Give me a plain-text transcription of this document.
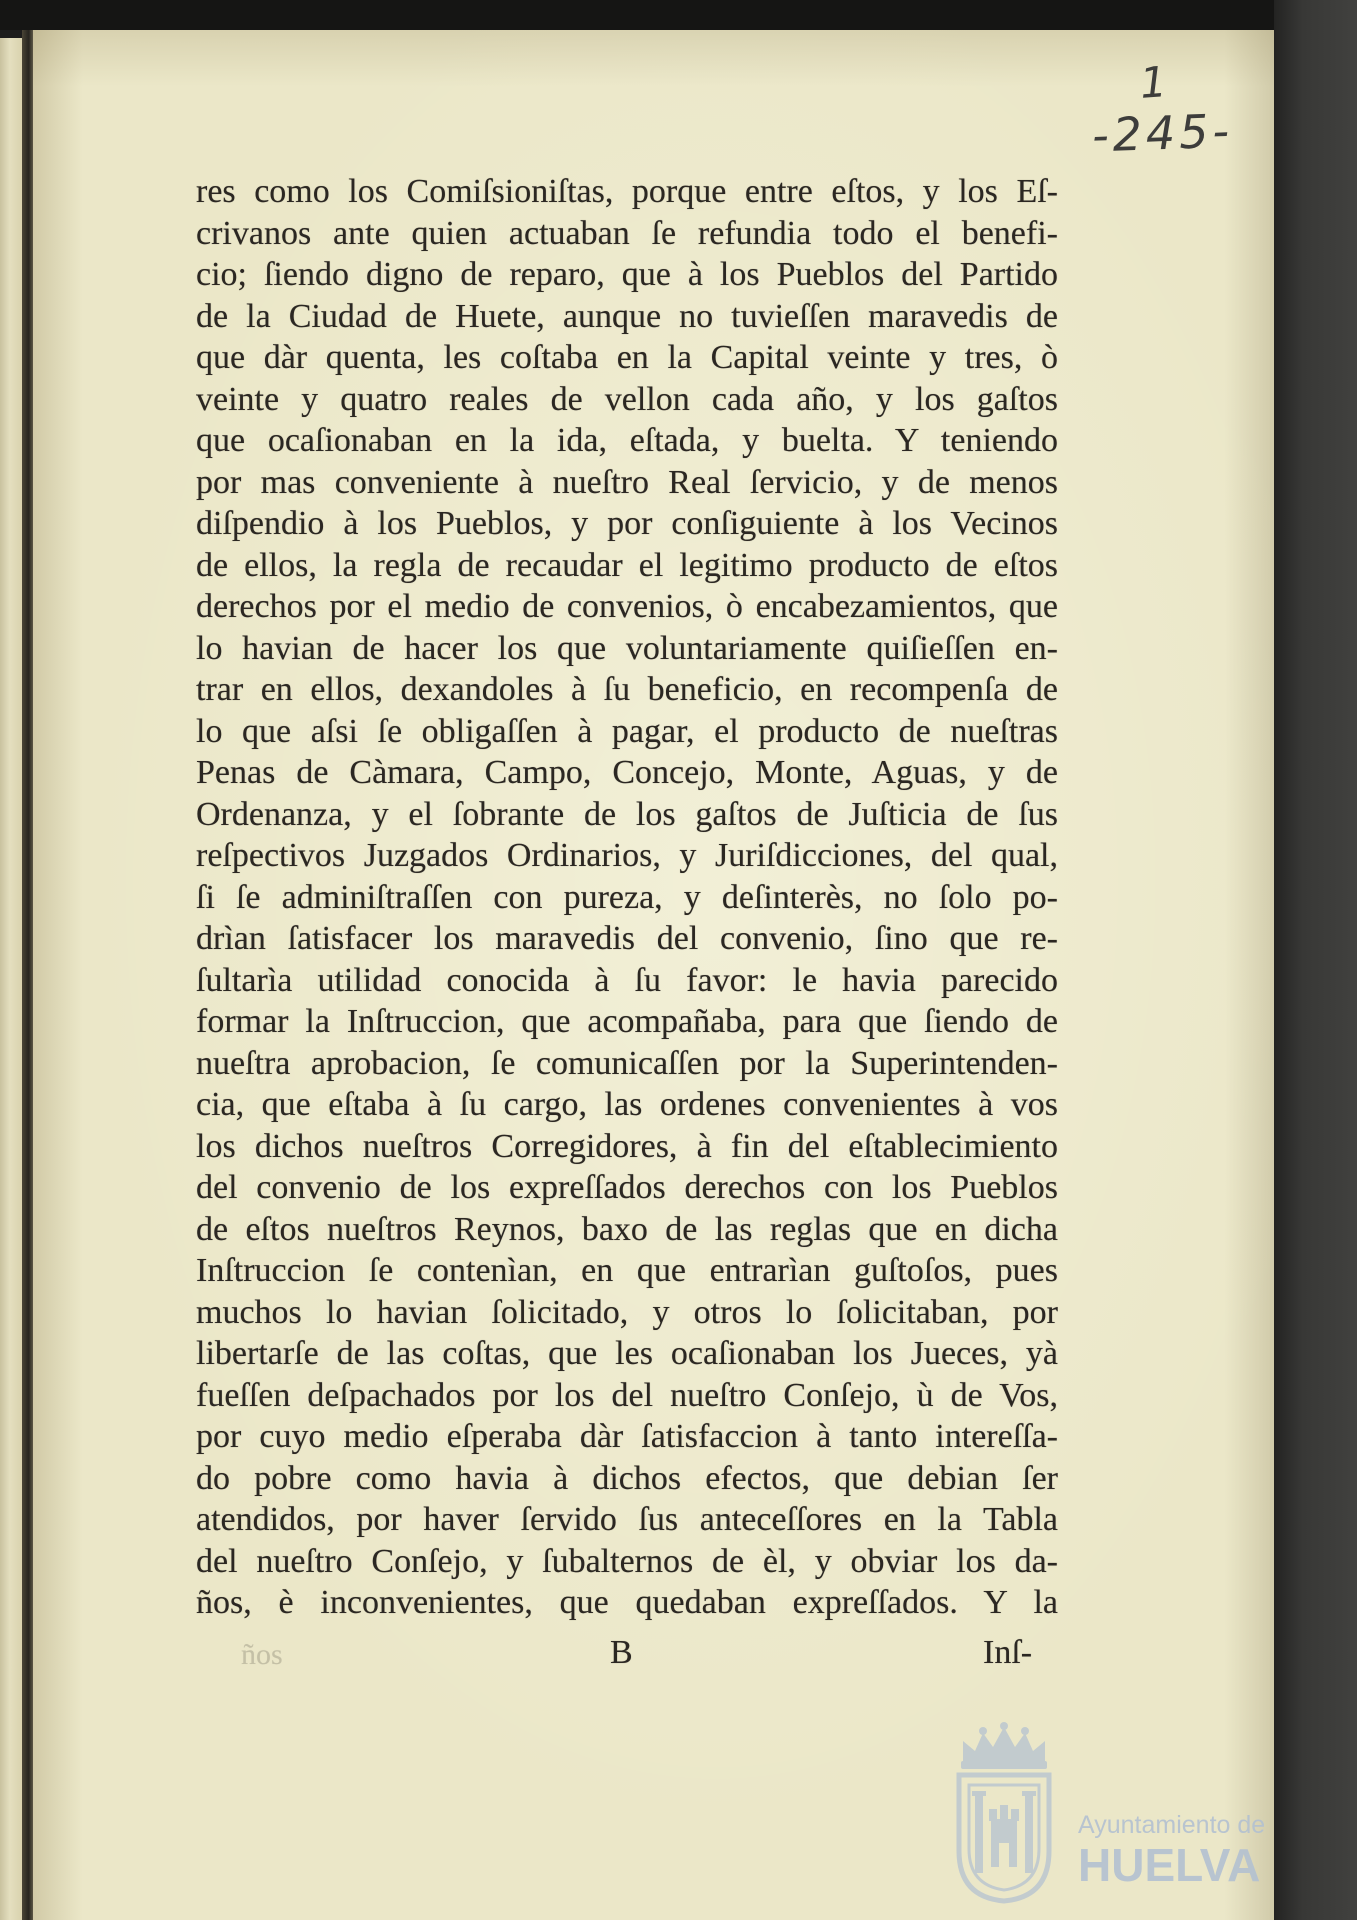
1
-245-
res como los Comiſsioniſtas, porque entre eſtos, y los Eſ-
crivanos ante quien actuaban ſe refundia todo el benefi-
cio; ſiendo digno de reparo, que à los Pueblos del Partido
de la Ciudad de Huete, aunque no tuvieſſen maravedis de
que dàr quenta, les coſtaba en la Capital veinte y tres, ò
veinte y quatro reales de vellon cada año, y los gaſtos
que ocaſionaban en la ida, eſtada, y buelta. Y teniendo
por mas conveniente à nueſtro Real ſervicio, y de menos
diſpendio à los Pueblos, y por conſiguiente à los Vecinos
de ellos, la regla de recaudar el legitimo producto de eſtos
derechos por el medio de convenios, ò encabezamientos, que
lo havian de hacer los que voluntariamente quiſieſſen en-
trar en ellos, dexandoles à ſu beneficio, en recompenſa de
lo que aſsi ſe obligaſſen à pagar, el producto de nueſtras
Penas de Càmara, Campo, Concejo, Monte, Aguas, y de
Ordenanza, y el ſobrante de los gaſtos de Juſticia de ſus
reſpectivos Juzgados Ordinarios, y Juriſdicciones, del qual,
ſi ſe adminiſtraſſen con pureza, y deſinterès, no ſolo po-
drìan ſatisfacer los maravedis del convenio, ſino que re-
ſultarìa utilidad conocida à ſu favor: le havia parecido
formar la Inſtruccion, que acompañaba, para que ſiendo de
nueſtra aprobacion, ſe comunicaſſen por la Superintenden-
cia, que eſtaba à ſu cargo, las ordenes convenientes à vos
los dichos nueſtros Corregidores, à fin del eſtablecimiento
del convenio de los expreſſados derechos con los Pueblos
de eſtos nueſtros Reynos, baxo de las reglas que en dicha
Inſtruccion ſe contenìan, en que entrarìan guſtoſos, pues
muchos lo havian ſolicitado, y otros lo ſolicitaban, por
libertarſe de las coſtas, que les ocaſionaban los Jueces, yà
fueſſen deſpachados por los del nueſtro Conſejo, ù de Vos,
por cuyo medio eſperaba dàr ſatisfaccion à tanto intereſſa-
do pobre como havia à dichos efectos, que debian ſer
atendidos, por haver ſervido ſus anteceſſores en la Tabla
del nueſtro Conſejo, y ſubalternos de èl, y obviar los da-
ños, è inconvenientes, que quedaban expreſſados. Y la
ños	B	Inſ-
Ayuntamiento de
HUELVA
